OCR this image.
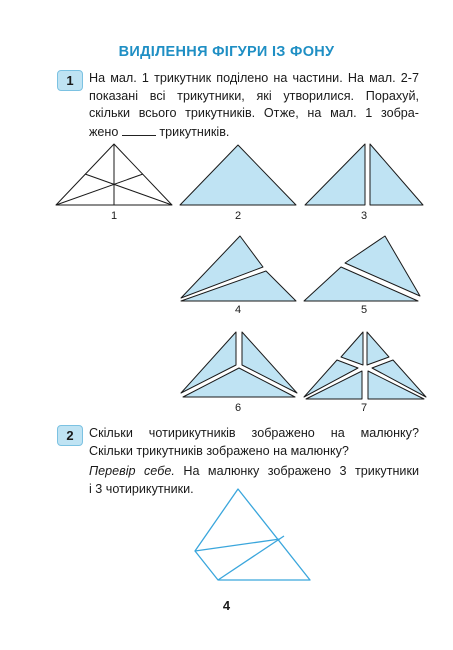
ВИДІЛЕННЯ ФІГУРИ ІЗ ФОНУ
1	На мал. 1 трикутник поділено на частини. На мал. 2-7
показані всі трикутники, які утворилися. Порахуй,
скільки всього трикутників. Отже, на мал. 1 зобра-
жено	трикутників.
1	2	3
4	5
6	7
2	Скільки чотирикутників зображено на малюнку?
Скільки трикутників зображено на малюнку?
Перевір себе. На малюнку зображено 3 трикутники
і 3 чотирикутники.
4
